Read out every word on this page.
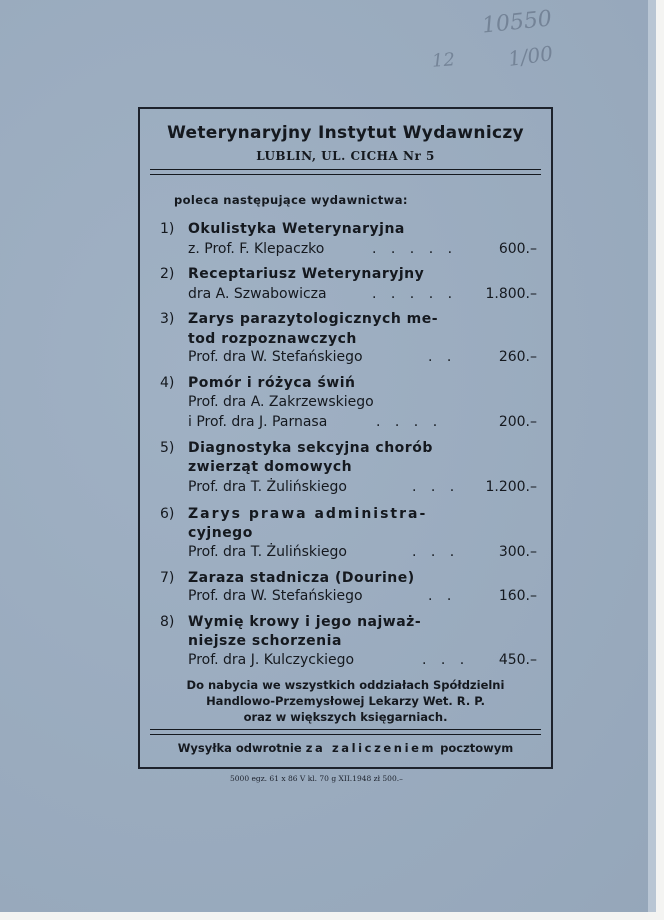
10550
12	1/00
Weterynaryjny Instytut Wydawniczy
LUBLIN, UL. CICHA Nr 5
poleca następujące wydawnictwa:
1) Okulistyka Weterynaryjna
z. Prof. F. Klepaczko	. . . . .	600.–
2) Receptariusz Weterynaryjny
dra A. Szwabowicza	. . . . . 1.800.–
3) Zarys parazytologicznych me-
tod rozpoznawczych
Prof. dra W. Stefańskiego	. .	260.–
4) Pomór i różyca świń
Prof. dra A. Zakrzewskiego
i Prof. dra J. Parnasa	. . . .	200.–
5) Diagnostyka sekcyjna chorób
zwierząt domowych
Prof. dra T. Żulińskiego	. . . 1.200.–
6) Zarys prawa administra-
cyjnego
Prof. dra T. Żulińskiego	. . .	300.–
7) Zaraza stadnicza (Dourine)
Prof. dra W. Stefańskiego	. .	160.–
8) Wymię krowy i jego najważ-
niejsze schorzenia
Prof. dra J. Kulczyckiego	. . . 450.–
Do nabycia we wszystkich oddziałach Spółdzielni
Handlowo-Przemysłowej Lekarzy Wet. R. P.
oraz w większych księgarniach.
Wysyłka odwrotnie za zaliczeniem pocztowym
5000 egz. 61 x 86 V kl. 70 g XII.1948 zł 500.–
